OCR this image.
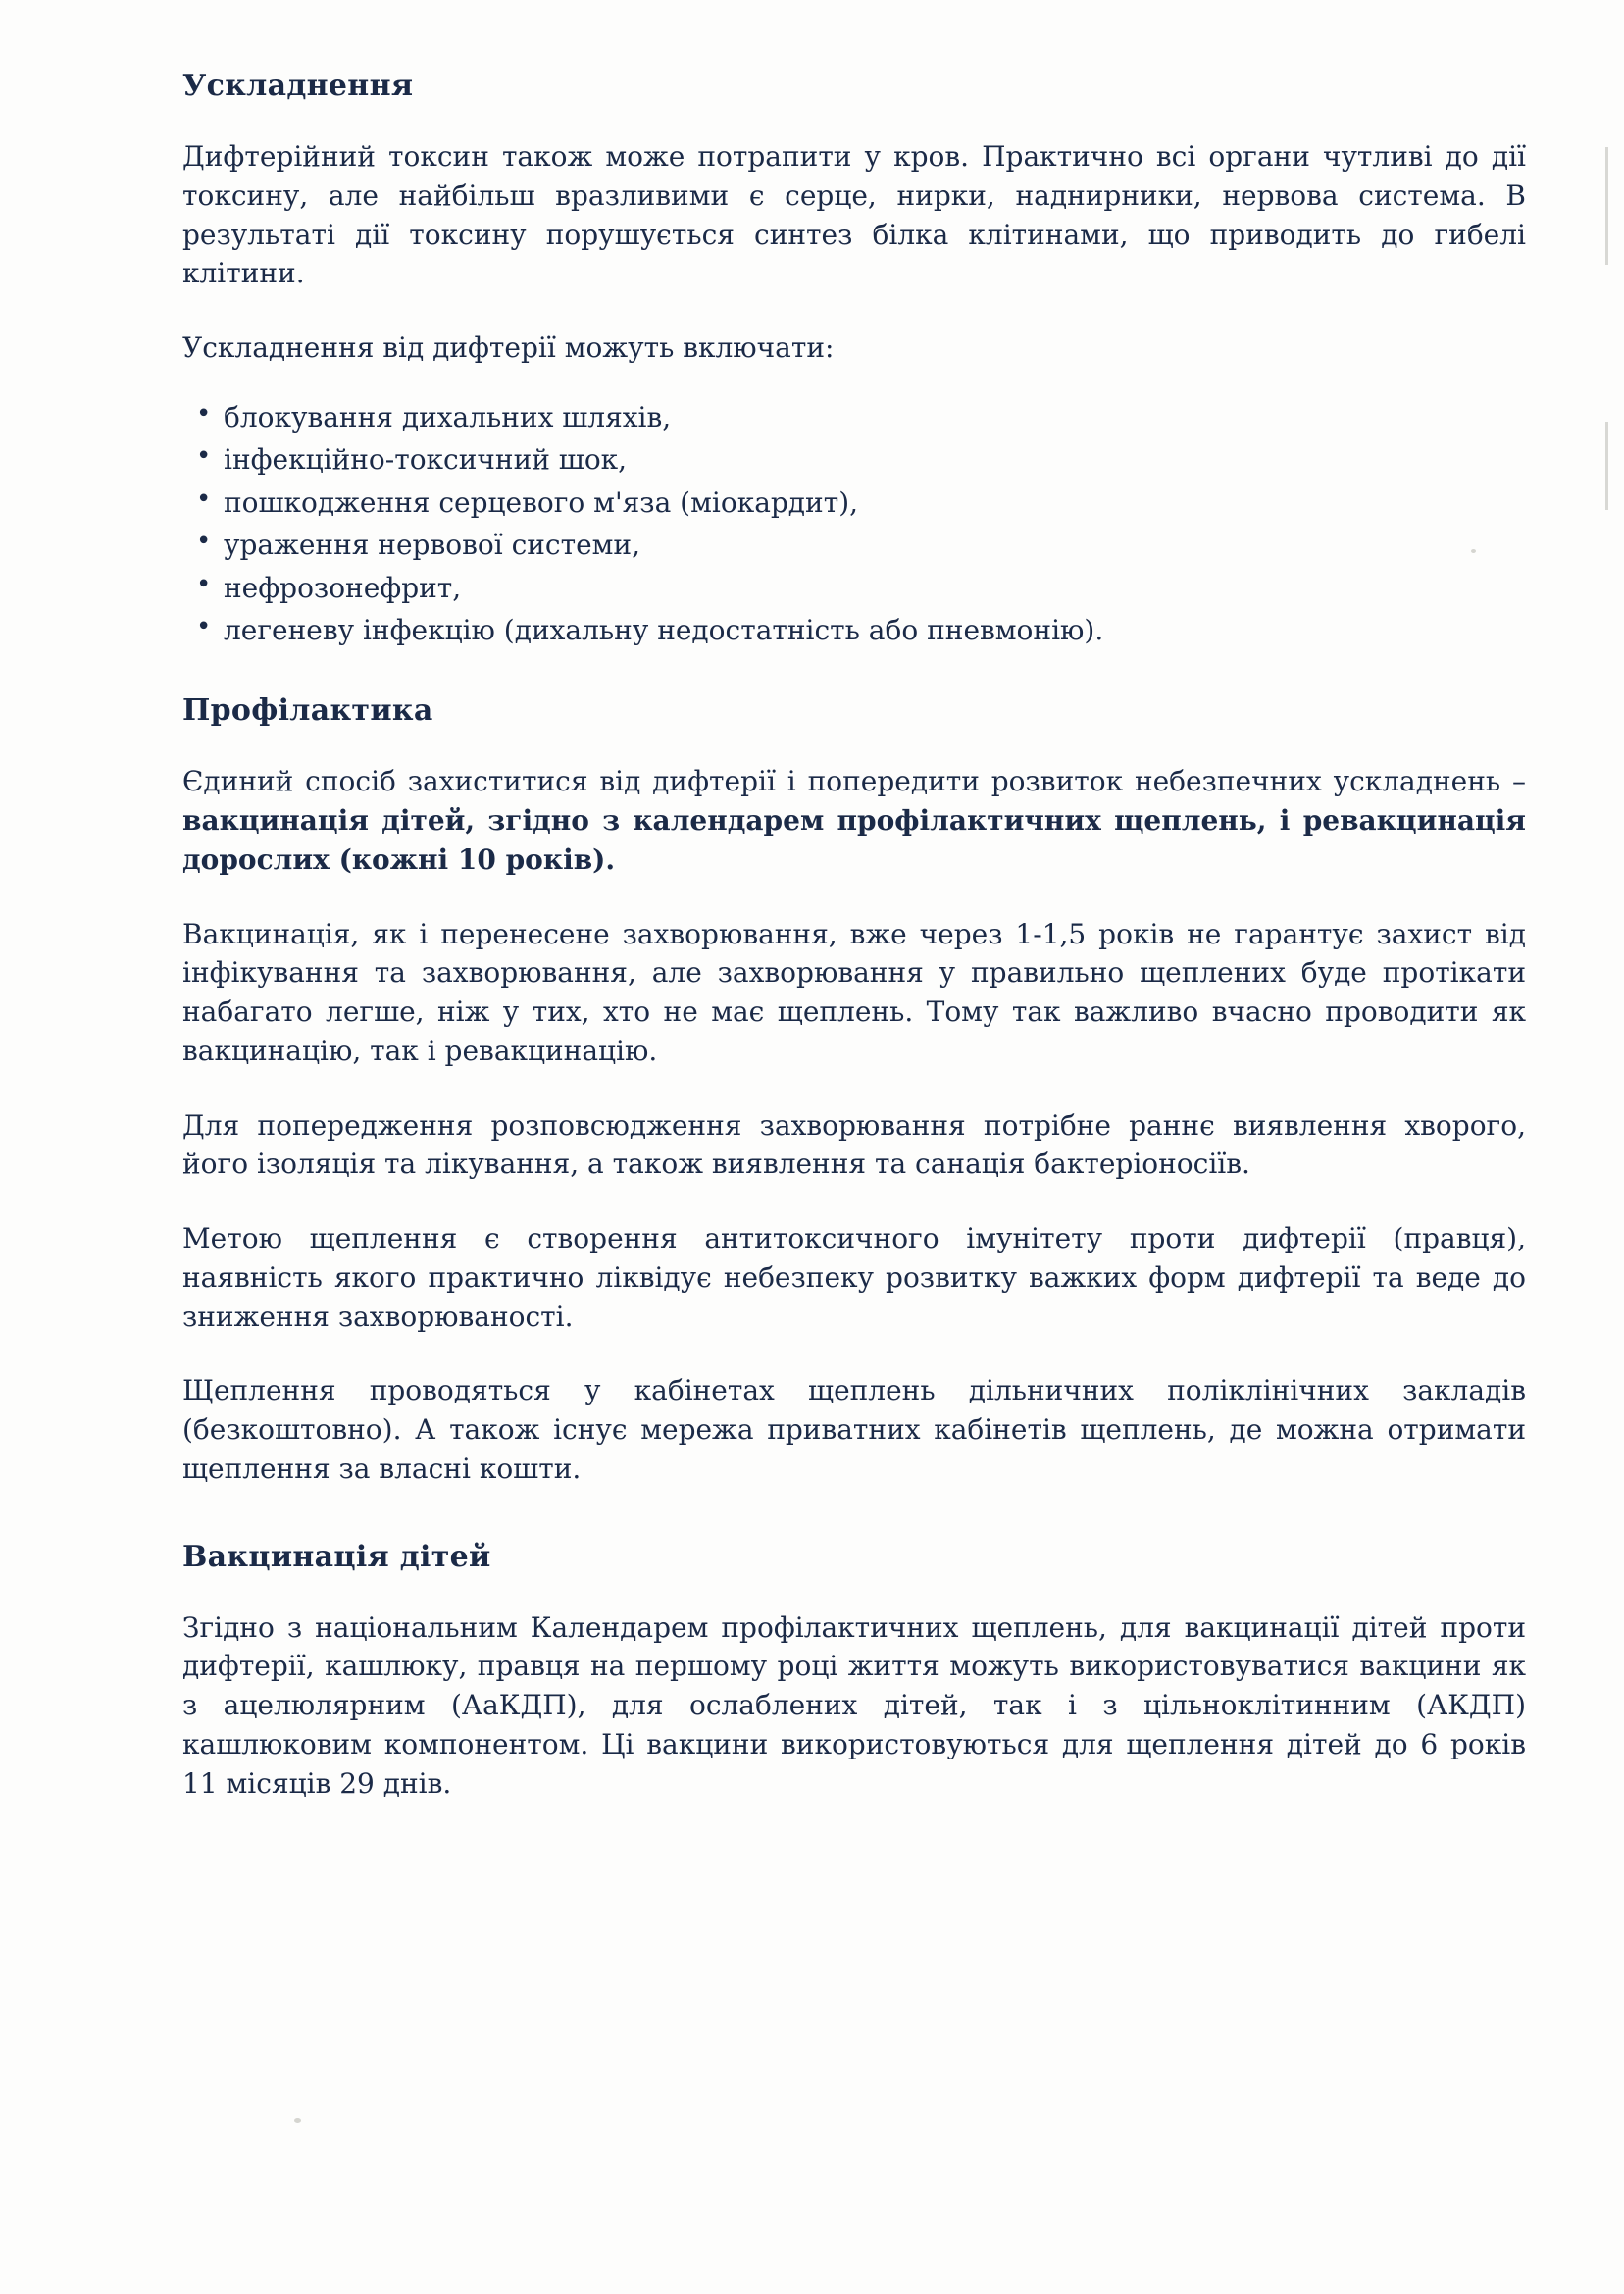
Ускладнення

Дифтерійний токсин також може потрапити у кров. Практично всі органи чутливі до дії токсину, але найбільш вразливими є серце, нирки, наднирники, нервова система. В результаті дії токсину порушується синтез білка клітинами, що приводить до гибелі клітини.

Ускладнення від дифтерії можуть включати:

• блокування дихальних шляхів,
• інфекційно-токсичний шок,
• пошкодження серцевого м'яза (міокардит),
• ураження нервової системи,
• нефрозонефрит,
• легеневу інфекцію (дихальну недостатність або пневмонію).
Профілактика

Єдиний спосіб захиститися від дифтерії і попередити розвиток небезпечних ускладнень – вакцинація дітей, згідно з календарем профілактичних щеплень, і ревакцинація дорослих (кожні 10 років).

Вакцинація, як і перенесене захворювання, вже через 1-1,5 років не гарантує захист від інфікування та захворювання, але захворювання у правильно щеплених буде протікати набагато легше, ніж у тих, хто не має щеплень. Тому так важливо вчасно проводити як вакцинацію, так і ревакцинацію.

Для попередження розповсюдження захворювання потрібне раннє виявлення хворого, його ізоляція та лікування, а також виявлення та санація бактеріоносіїв.

Метою щеплення є створення антитоксичного імунітету проти дифтерії (правця), наявність якого практично ліквідує небезпеку розвитку важких форм дифтерії та веде до зниження захворюваності.

Щеплення проводяться у кабінетах щеплень дільничних поліклінічних закладів (безкоштовно). А також існує мережа приватних кабінетів щеплень, де можна отримати щеплення за власні кошти.

Вакцинація дітей

Згідно з національним Календарем профілактичних щеплень, для вакцинації дітей проти дифтерії, кашлюку, правця на першому році життя можуть використовуватися вакцини як з ацелюлярним (АаКДП), для ослаблених дітей, так і з цільноклітинним (АКДП) кашлюковим компонентом. Ці вакцини використовуються для щеплення дітей до 6 років 11 місяців 29 днів.
